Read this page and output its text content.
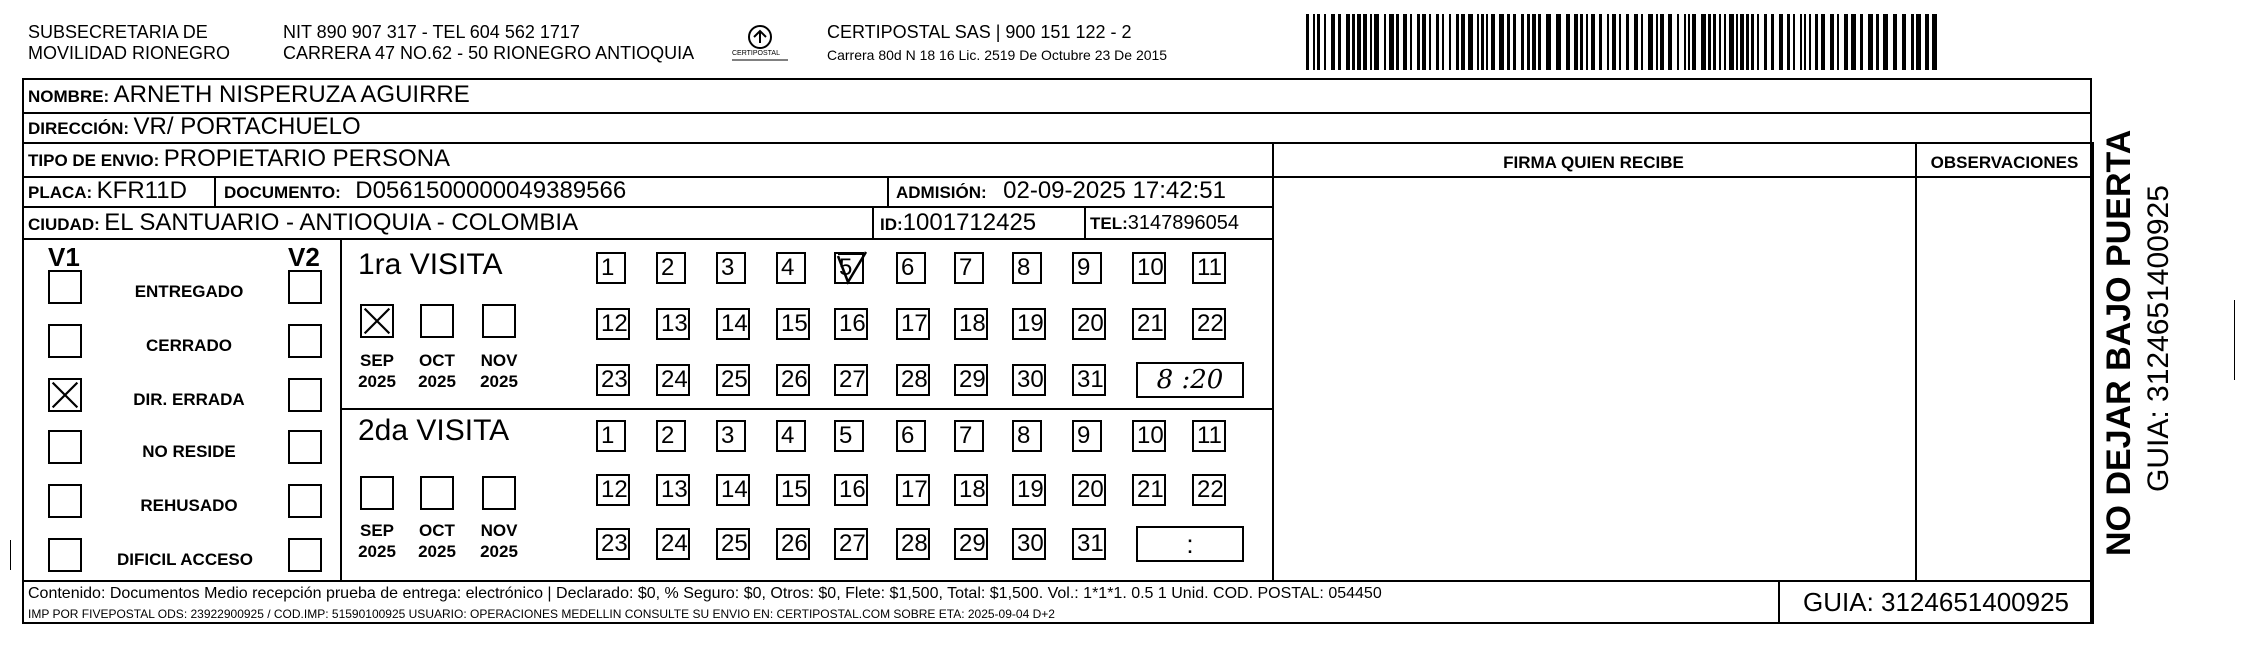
SUBSECRETARIA DE
MOVILIDAD RIONEGRO
NIT 890 907 317 - TEL 604 562 1717
CARRERA 47 NO.62 - 50 RIONEGRO ANTIOQUIA	CERTIPOSTAL
CERTIPOSTAL SAS | 900 151 122 - 2
Carrera 80d N 18 16 Lic. 2519 De Octubre 23 De 2015
NOMBRE: ARNETH NISPERUZA AGUIRRE
DIRECCIÓN: VR/ PORTACHUELO
TIPO DE ENVIO: PROPIETARIO PERSONA	FIRMA QUIEN RECIBE	OBSERVACIONES
PLACA: KFR11D DOCUMENTO: D0561500000049389566	ADMISIÓN: 02-09-2025 17:42:51
CIUDAD: EL SANTUARIO - ANTIOQUIA - COLOMBIA	ID:1001712425	TEL:3147896054
V1	V2
ENTREGADO
CERRADO
DIR. ERRADA
NO RESIDE
REHUSADO
DIFICIL ACCESO
1ra VISITA
2da VISITA
1	2	3	4	5	6	7	8	9	10 11
12 13 14 15 16 17 18 19 20 21 22
23 24 25 26 27 28 29 30 31	8 :20
1	2	3	4	5	6	7	8	9	10 11
12 13 14 15 16 17 18 19 20 21 22
23 24 25 26 27 28 29 30 31	:
SEP
2025
OCT
2025
NOV
2025
SEP
2025
OCT
2025
NOV
2025
Contenido: Documentos Medio recepción prueba de entrega: electrónico | Declarado: $0, % Seguro: $0, Otros: $0, Flete: $1,500, Total: $1,500. Vol.: 1*1*1. 0.5 1 Unid. COD. POSTAL: 054450
IMP POR FIVEPOSTAL ODS: 23922900925 / COD.IMP: 51590100925 USUARIO: OPERACIONES MEDELLIN CONSULTE SU ENVIO EN: CERTIPOSTAL.COM SOBRE ETA: 2025-09-04 D+2	GUIA: 3124651400925
NO DEJAR BAJO PUERTA GUIA: 3124651400925
